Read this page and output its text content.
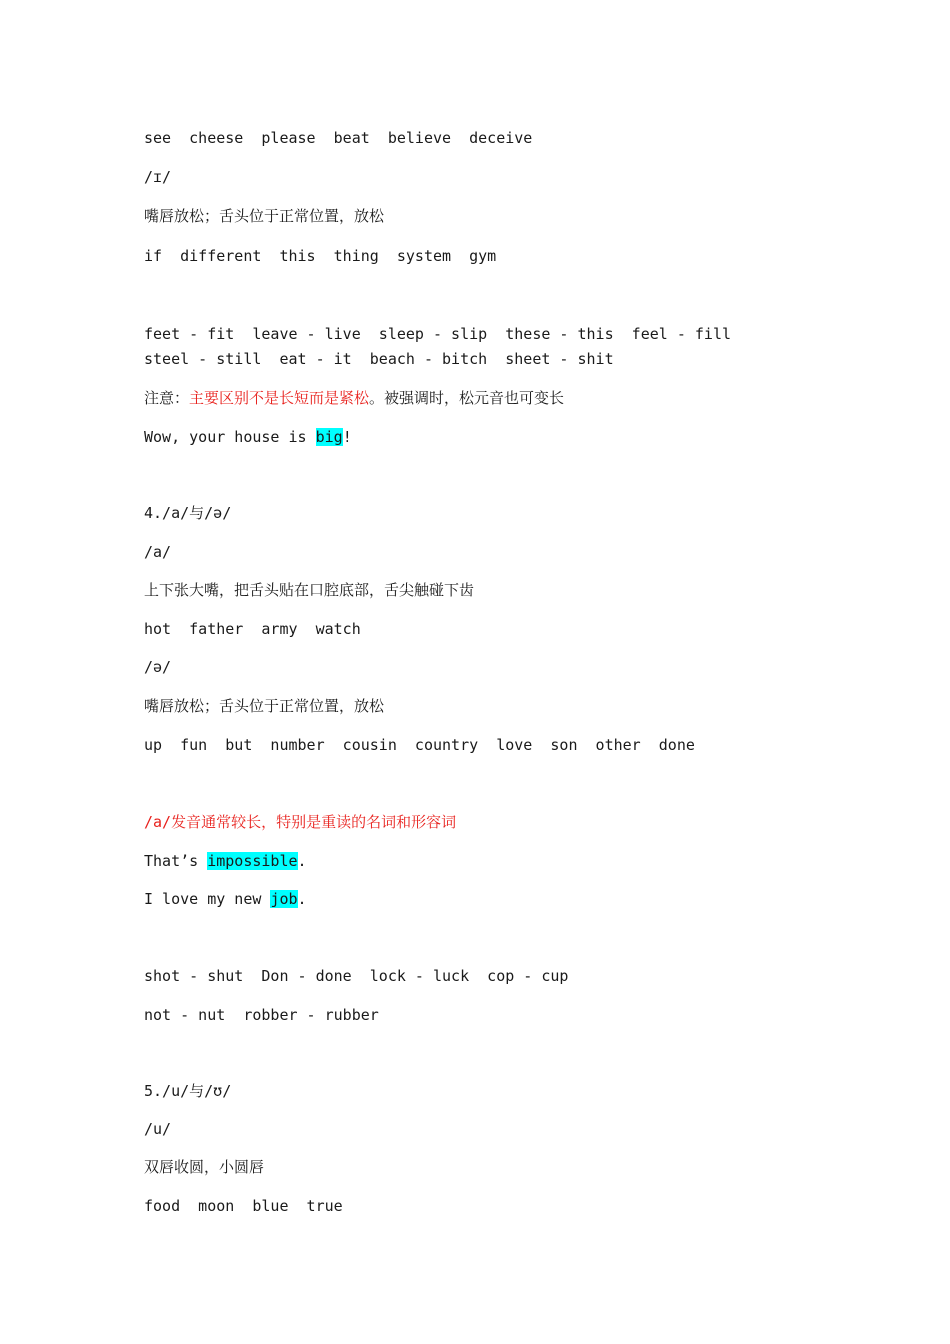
see  cheese  please  beat  believe  deceive
/ɪ/
嘴唇放松；舌头位于正常位置，放松
if  different  this  thing  system  gym
feet - fit  leave - live  sleep - slip  these - this  feel - fill  steel - still  eat - it  beach - bitch  sheet - shit
注意：主要区别不是长短而是紧松。被强调时，松元音也可变长
Wow, your house is big!
4./a/与/ə/
/a/
上下张大嘴，把舌头贴在口腔底部，舌尖触碰下齿
hot  father  army  watch
/ə/
嘴唇放松；舌头位于正常位置，放松
up  fun  but  number  cousin  country  love  son  other  done
/a/发音通常较长，特别是重读的名词和形容词
That’s impossible.
I love my new job.
shot - shut  Don - done  lock - luck  cop - cup
not - nut  robber - rubber
5./u/与/ʊ/
/u/
双唇收圆，小圆唇
food  moon  blue  true
